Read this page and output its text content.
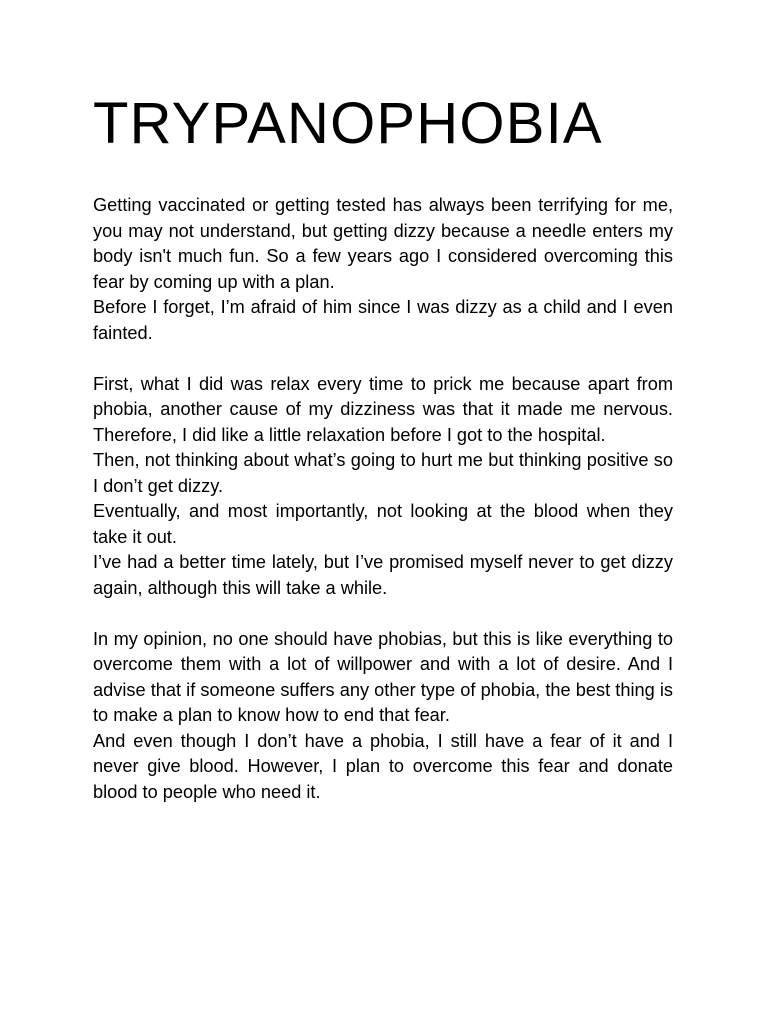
TRYPANOPHOBIA

Getting vaccinated or getting tested has always been terrifying for me, you may not understand, but getting dizzy because a needle enters my body isn't much fun. So a few years ago I considered overcoming this fear by coming up with a plan.

Before I forget, I’m afraid of him since I was dizzy as a child and I even fainted.

First, what I did was relax every time to prick me because apart from phobia, another cause of my dizziness was that it made me nervous. Therefore, I did like a little relaxation before I got to the hospital.

Then, not thinking about what’s going to hurt me but thinking positive so I don’t get dizzy.

Eventually, and most importantly, not looking at the blood when they take it out.

I’ve had a better time lately, but I’ve promised myself never to get dizzy again, although this will take a while.

In my opinion, no one should have phobias, but this is like everything to overcome them with a lot of willpower and with a lot of desire. And I advise that if someone suffers any other type of phobia, the best thing is to make a plan to know how to end that fear.

And even though I don’t have a phobia, I still have a fear of it and I never give blood. However, I plan to overcome this fear and donate blood to people who need it.
